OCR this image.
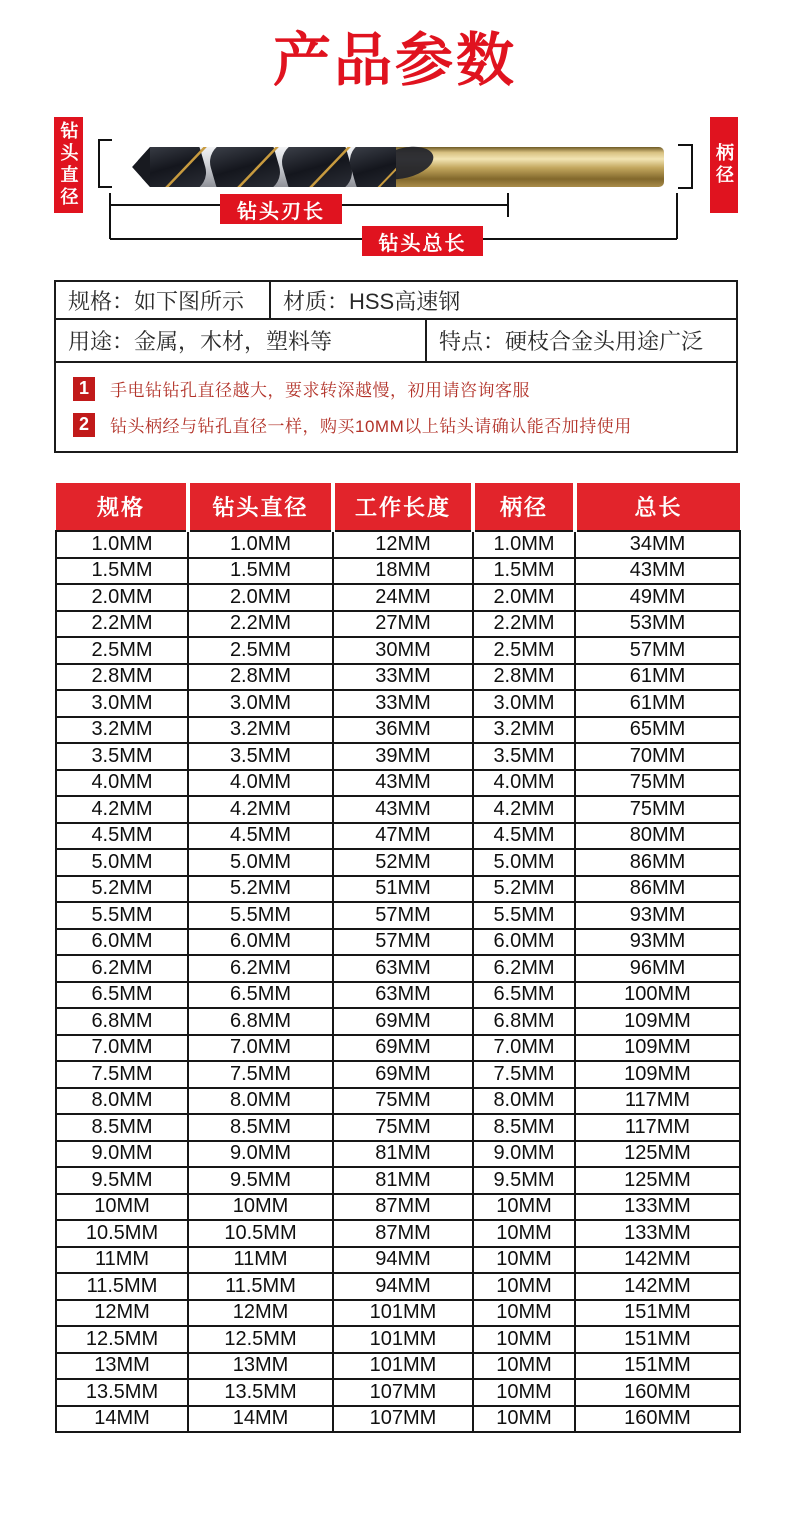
产品参数
钻头直径	柄径
钻头刃长
钻头总长
规格：如下图所示	材质：HSS高速钢
用途：金属，木材，塑料等	特点：硬枝合金头用途广泛
1	手电钻钻孔直径越大，要求转深越慢，初用请咨询客服
2	钻头柄经与钻孔直径一样，购买10MM以上钻头请确认能否加持使用
规格	钻头直径	工作长度	柄径	总长
1.0MM	1.0MM	12MM	1.0MM	34MM
1.5MM	1.5MM	18MM	1.5MM	43MM
2.0MM	2.0MM	24MM	2.0MM	49MM
2.2MM	2.2MM	27MM	2.2MM	53MM
2.5MM	2.5MM	30MM	2.5MM	57MM
2.8MM	2.8MM	33MM	2.8MM	61MM
3.0MM	3.0MM	33MM	3.0MM	61MM
3.2MM	3.2MM	36MM	3.2MM	65MM
3.5MM	3.5MM	39MM	3.5MM	70MM
4.0MM	4.0MM	43MM	4.0MM	75MM
4.2MM	4.2MM	43MM	4.2MM	75MM
4.5MM	4.5MM	47MM	4.5MM	80MM
5.0MM	5.0MM	52MM	5.0MM	86MM
5.2MM	5.2MM	51MM	5.2MM	86MM
5.5MM	5.5MM	57MM	5.5MM	93MM
6.0MM	6.0MM	57MM	6.0MM	93MM
6.2MM	6.2MM	63MM	6.2MM	96MM
6.5MM	6.5MM	63MM	6.5MM	100MM
6.8MM	6.8MM	69MM	6.8MM	109MM
7.0MM	7.0MM	69MM	7.0MM	109MM
7.5MM	7.5MM	69MM	7.5MM	109MM
8.0MM	8.0MM	75MM	8.0MM	117MM
8.5MM	8.5MM	75MM	8.5MM	117MM
9.0MM	9.0MM	81MM	9.0MM	125MM
9.5MM	9.5MM	81MM	9.5MM	125MM
10MM	10MM	87MM	10MM	133MM
10.5MM	10.5MM	87MM	10MM	133MM
11MM	11MM	94MM	10MM	142MM
11.5MM	11.5MM	94MM	10MM	142MM
12MM	12MM	101MM	10MM	151MM
12.5MM	12.5MM	101MM	10MM	151MM
13MM	13MM	101MM	10MM	151MM
13.5MM	13.5MM	107MM	10MM	160MM
14MM	14MM	107MM	10MM	160MM
